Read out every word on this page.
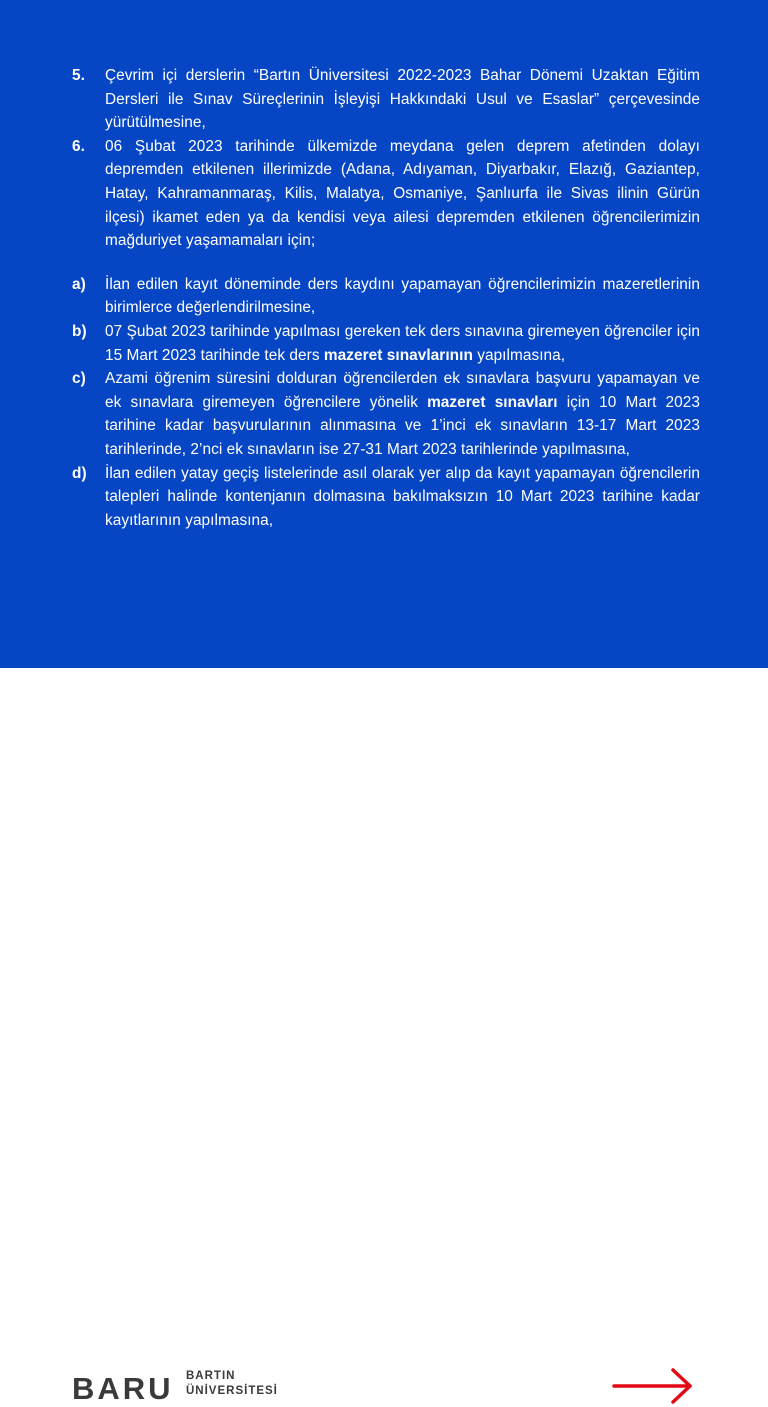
5. Çevrim içi derslerin “Bartın Üniversitesi 2022-2023 Bahar Dönemi Uzaktan Eğitim Dersleri ile Sınav Süreçlerinin İşleyişi Hakkındaki Usul ve Esaslar” çerçevesinde yürütülmesine,
6. 06 Şubat 2023 tarihinde ülkemizde meydana gelen deprem afetinden dolayı depremden etkilenen illerimizde (Adana, Adıyaman, Diyarbakır, Elazığ, Gaziantep, Hatay, Kahramanmaraş, Kilis, Malatya, Osmaniye, Şanlıurfa ile Sivas ilinin Gürün ilçesi) ikamet eden ya da kendisi veya ailesi depremden etkilenen öğrencilerimizin mağduriyet yaşamamaları için;
a) İlan edilen kayıt döneminde ders kaydını yapamayan öğrencilerimizin mazeretlerinin birimlerce değerlendirilmesine,
b) 07 Şubat 2023 tarihinde yapılması gereken tek ders sınavına giremeyen öğrenciler için 15 Mart 2023 tarihinde tek ders mazeret sınavlarının yapılmasına,
c) Azami öğrenim süresini dolduran öğrencilerden ek sınavlara başvuru yapamayan ve ek sınavlara giremeyen öğrencilere yönelik mazeret sınavları için 10 Mart 2023 tarihine kadar başvurularının alınmasına ve 1’inci ek sınavların 13-17 Mart 2023 tarihlerinde, 2’nci ek sınavların ise 27-31 Mart 2023 tarihlerinde yapılmasına,
d) İlan edilen yatay geçiş listelerinde asıl olarak yer alıp da kayıt yapamayan öğrencilerin talepleri halinde kontenjanın dolmasına bakılmaksızın 10 Mart 2023 tarihine kadar kayıtlarının yapılmasına,
BARU BARTIN
ÜNİVERSİTESİ
